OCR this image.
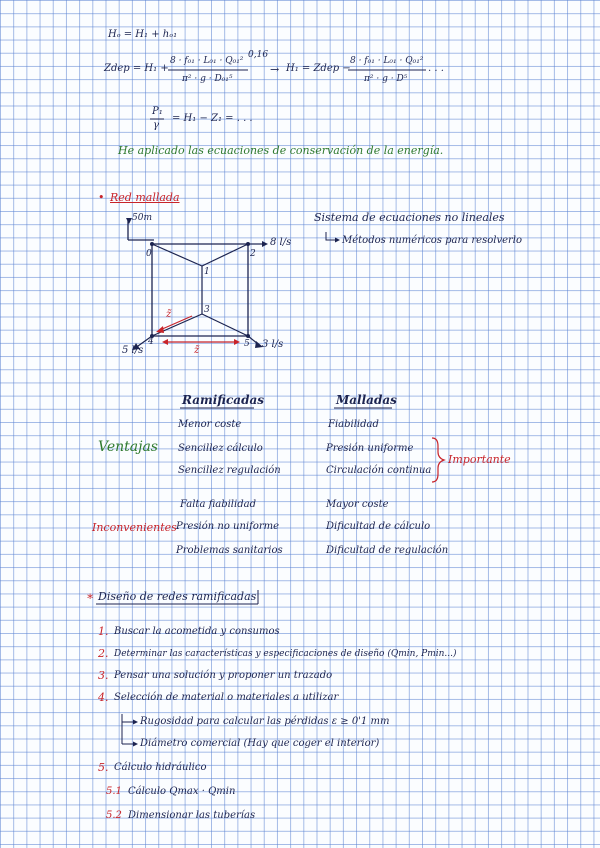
Hₒ = H₁ + hₒ₁
Zdep = H₁ +
8 · f₀₁ · L₀₁ · Q₀₁²
π² · g · D₀₁⁵
0,16
→ H₁ = Zdep −
8 · f₀₁ · L₀₁ · Q₀₁²
π² · g · D⁵
. . .
P₁
γ
= H₁ − Z₁ = . . .
He aplicado las ecuaciones de conservación de la energía.
• Red mallada
50m
0	2
1
3
4	5
8 l/s
5 l/s
3 l/s
z̃
z̃
Sistema de ecuaciones no lineales
Métodos numéricos para resolverlo
Ramificadas	Malladas
Ventajas
Importante
Menor coste	Fiabilidad
Sencillez cálculo	Presión uniforme
Sencillez regulación	Circulación continua
Inconvenientes
Falta fiabilidad	Mayor coste
Presión no uniforme	Dificultad de cálculo
Problemas sanitarios	Dificultad de regulación
∗ Diseño de redes ramificadas
1. Buscar la acometida y consumos
2. Determinar las características y especificaciones de diseño (Qmin, Pmin...)
3. Pensar una solución y proponer un trazado
4. Selección de material o materiales a utilizar
Rugosidad para calcular las pérdidas ε ≥ 0'1 mm
Diámetro comercial (Hay que coger el interior)
5. Cálculo hidráulico
5.1 Cálculo Qmax · Qmin
5.2 Dimensionar las tuberías
